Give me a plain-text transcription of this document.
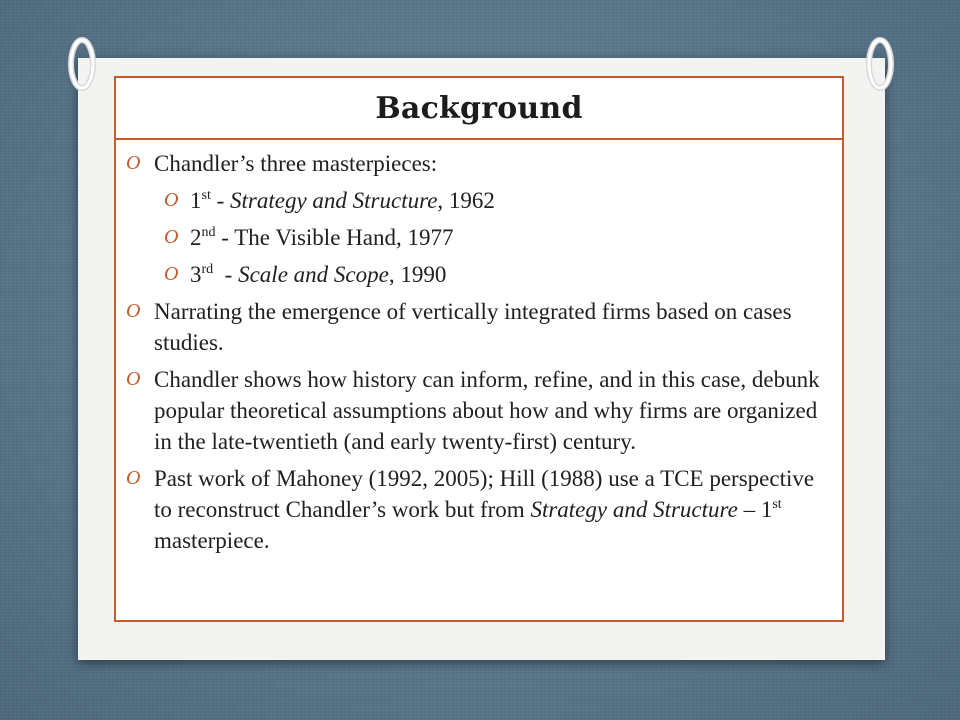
Background
O Chandler’s three masterpieces:
O 1st - Strategy and Structure, 1962
O 2nd - The Visible Hand, 1977
O 3rd  - Scale and Scope, 1990
O Narrating the emergence of vertically integrated firms based on cases studies.
O Chandler shows how history can inform, refine, and in this case, debunk popular theoretical assumptions about how and why firms are organized in the late-twentieth (and early twenty-first) century.
O Past work of Mahoney (1992, 2005); Hill (1988) use a TCE perspective to reconstruct Chandler’s work but from Strategy and Structure – 1st masterpiece.
